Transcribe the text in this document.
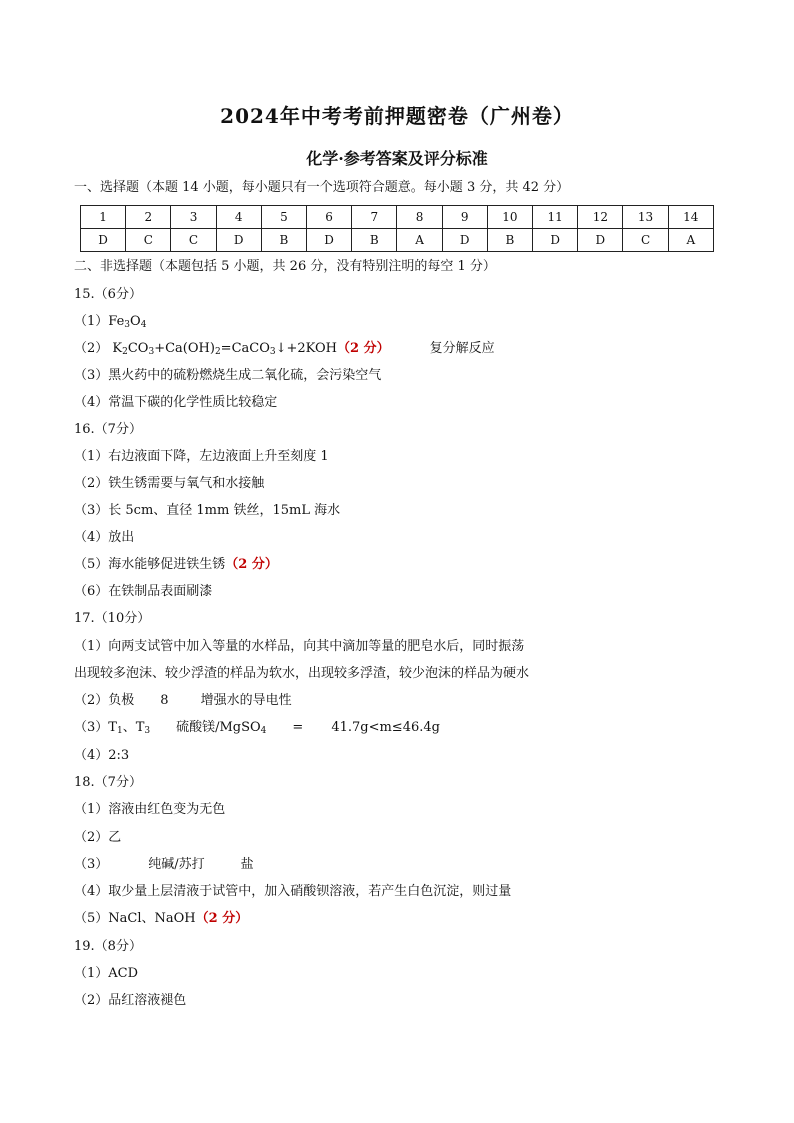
2024年中考考前押题密卷（广州卷）
化学·参考答案及评分标准
一、选择题（本题 14 小题，每小题只有一个选项符合题意。每小题 3 分，共 42 分）
1	2	3	4	5	6	7	8	9	10	11	12	13	14
D	C	C	D	B	D	B	A	D	B	D	D	C	A
二、非选择题（本题包括 5 小题，共 26 分，没有特别注明的每空 1 分）
15.（6分）
$(1)Fe_3O_4$
（2） $K_2CO_3+Ca(OH)_2=CaCO_3↓+2KOH(2$ 分）	复分解反应
（3）黑火药中的硫粉燃烧生成二氧化硫，会污染空气
（4）常温下碳的化学性质比较稳定
16.（7分）
（1）右边液面下降，左边液面上升至刻度 1
（2）铁生锈需要与氧气和水接触
（3）长 5cm、直径 1mm 铁丝，15mL 海水
（4）放出
（5）海水能够促进铁生锈（2 分）
（6）在铁制品表面刷漆
17.（10分）
（1）向两支试管中加入等量的水样品，向其中滴加等量的肥皂水后，同时振荡
出现较多泡沫、较少浮渣的样品为软水，出现较多浮渣，较少泡沫的样品为硬水
（2）负极 8 增强水的导电性
$(3)T_1$、$T_3$ 硫酸镁/MgSO$_4$ = 41.7g<m≤46.4g
（4）2:3
18.（7分）
（1）溶液由红色变为无色
（2）乙
（3）	纯碱/苏打	盐
（4）取少量上层清液于试管中，加入硝酸钡溶液，若产生白色沉淀，则过量
（5）NaCl、NaOH（2 分）
19.（8分）
（1）ACD
（2）品红溶液褪色
